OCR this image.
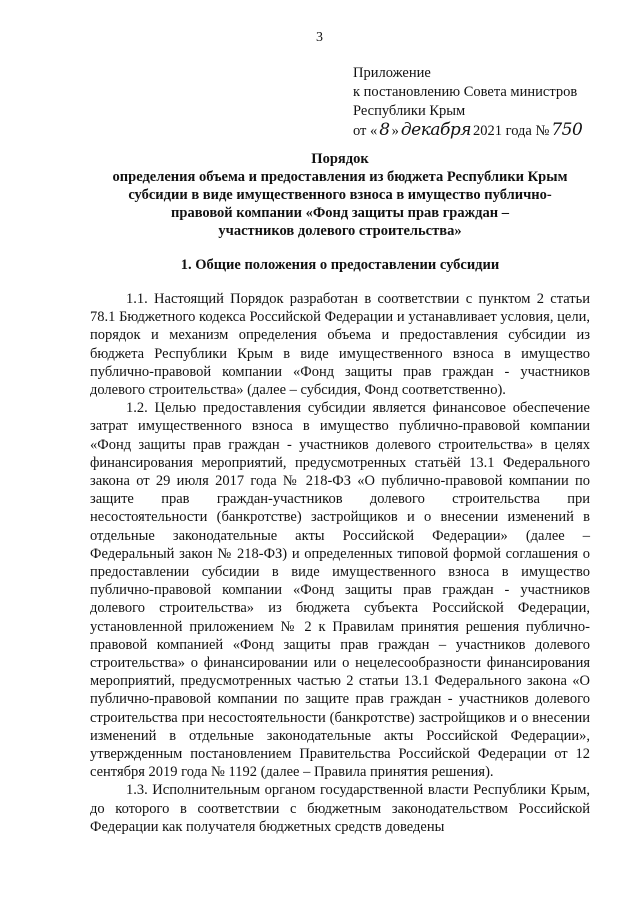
3
Приложение
к постановлению Совета министров
Республики Крым
от « 8 » декабря 2021 года № 750
Порядок
определения объема и предоставления из бюджета Республики Крым
субсидии в виде имущественного взноса в имущество публично-
правовой компании «Фонд защиты прав граждан –
участников долевого строительства»
1. Общие положения о предоставлении субсидии

1.1. Настоящий Порядок разработан в соответствии с пунктом 2 статьи 78.1 Бюджетного кодекса Российской Федерации и устанавливает условия, цели, порядок и механизм определения объема и предоставления субсидии из бюджета Республики Крым в виде имущественного взноса в имущество публично-правовой компании «Фонд защиты прав граждан - участников долевого строительства» (далее – субсидия, Фонд соответственно).

1.2. Целью предоставления субсидии является финансовое обеспечение затрат имущественного взноса в имущество публично-правовой компании «Фонд защиты прав граждан - участников долевого строительства» в целях финансирования мероприятий, предусмотренных статьёй 13.1 Федерального закона от 29 июля 2017 года № 218-ФЗ «О публично-правовой компании по защите прав граждан-участников долевого строительства при несостоятельности (банкротстве) застройщиков и о внесении изменений в отдельные законодательные акты Российской Федерации» (далее – Федеральный закон № 218-ФЗ) и определенных типовой формой соглашения о предоставлении субсидии в виде имущественного взноса в имущество публично-правовой компании «Фонд защиты прав граждан - участников долевого строительства» из бюджета субъекта Российской Федерации, установленной приложением № 2 к Правилам принятия решения публично-правовой компанией «Фонд защиты прав граждан – участников долевого строительства» о финансировании или о нецелесообразности финансирования мероприятий, предусмотренных частью 2 статьи 13.1 Федерального закона «О публично-правовой компании по защите прав граждан - участников долевого строительства при несостоятельности (банкротстве) застройщиков и о внесении изменений в отдельные законодательные акты Российской Федерации», утвержденным постановлением Правительства Российской Федерации от 12 сентября 2019 года № 1192 (далее – Правила принятия решения).

1.3. Исполнительным органом государственной власти Республики Крым, до которого в соответствии с бюджетным законодательством Российской Федерации как получателя бюджетных средств доведены
